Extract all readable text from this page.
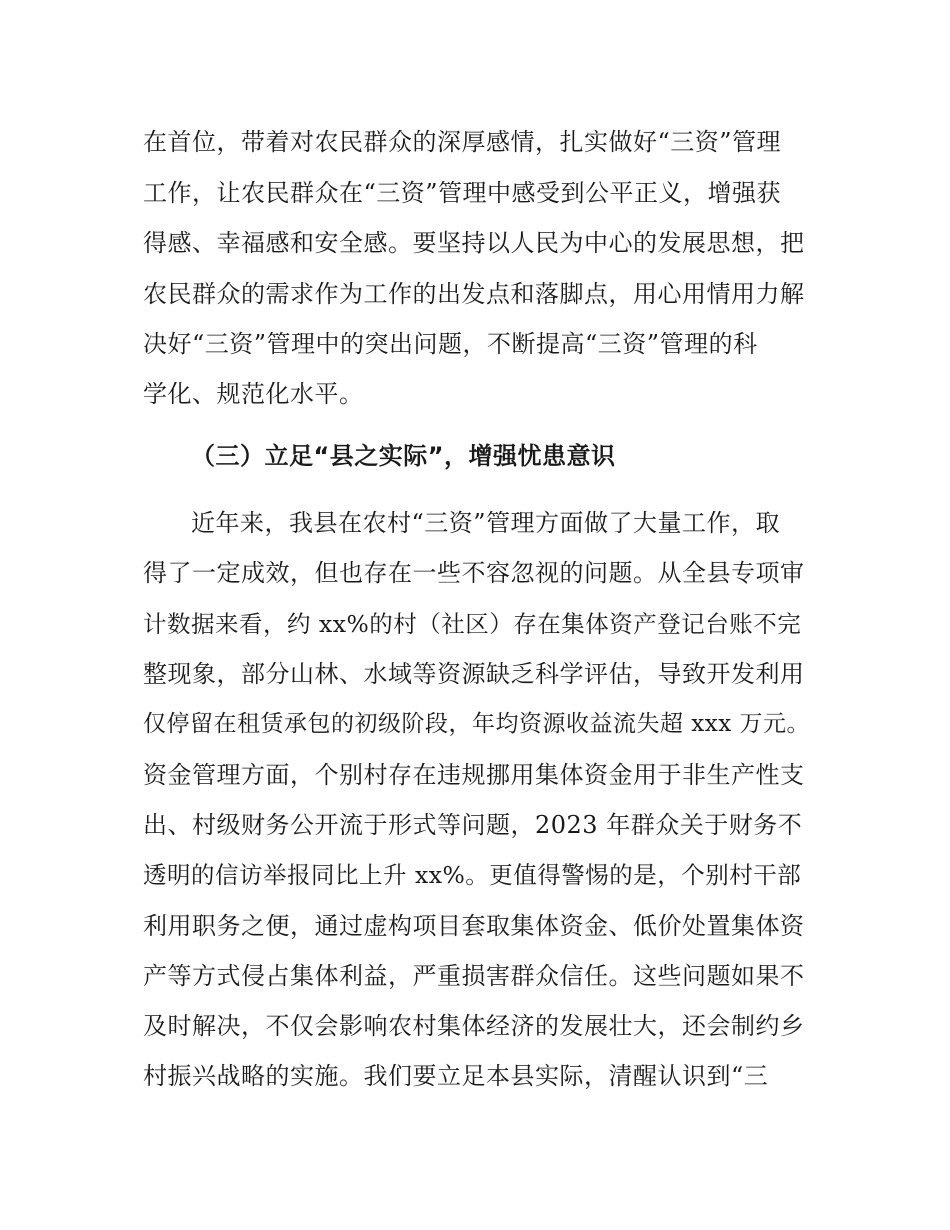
在首位，带着对农民群众的深厚感情，扎实做好“三资”管理
工作，让农民群众在“三资”管理中感受到公平正义，增强获
得感、幸福感和安全感。要坚持以人民为中心的发展思想，把
农民群众的需求作为工作的出发点和落脚点，用心用情用力解
决好“三资”管理中的突出问题，不断提高“三资”管理的科
学化、规范化水平。
（三）立足“县之实际”，增强忧患意识
近年来，我县在农村“三资”管理方面做了大量工作，取
得了一定成效，但也存在一些不容忽视的问题。从全县专项审
计数据来看，约 xx%的村（社区）存在集体资产登记台账不完
整现象，部分山林、水域等资源缺乏科学评估，导致开发利用
仅停留在租赁承包的初级阶段，年均资源收益流失超 xxx 万元。
资金管理方面，个别村存在违规挪用集体资金用于非生产性支
出、村级财务公开流于形式等问题，2023 年群众关于财务不
透明的信访举报同比上升 xx%。更值得警惕的是，个别村干部
利用职务之便，通过虚构项目套取集体资金、低价处置集体资
产等方式侵占集体利益，严重损害群众信任。这些问题如果不
及时解决，不仅会影响农村集体经济的发展壮大，还会制约乡
村振兴战略的实施。我们要立足本县实际，清醒认识到“三
